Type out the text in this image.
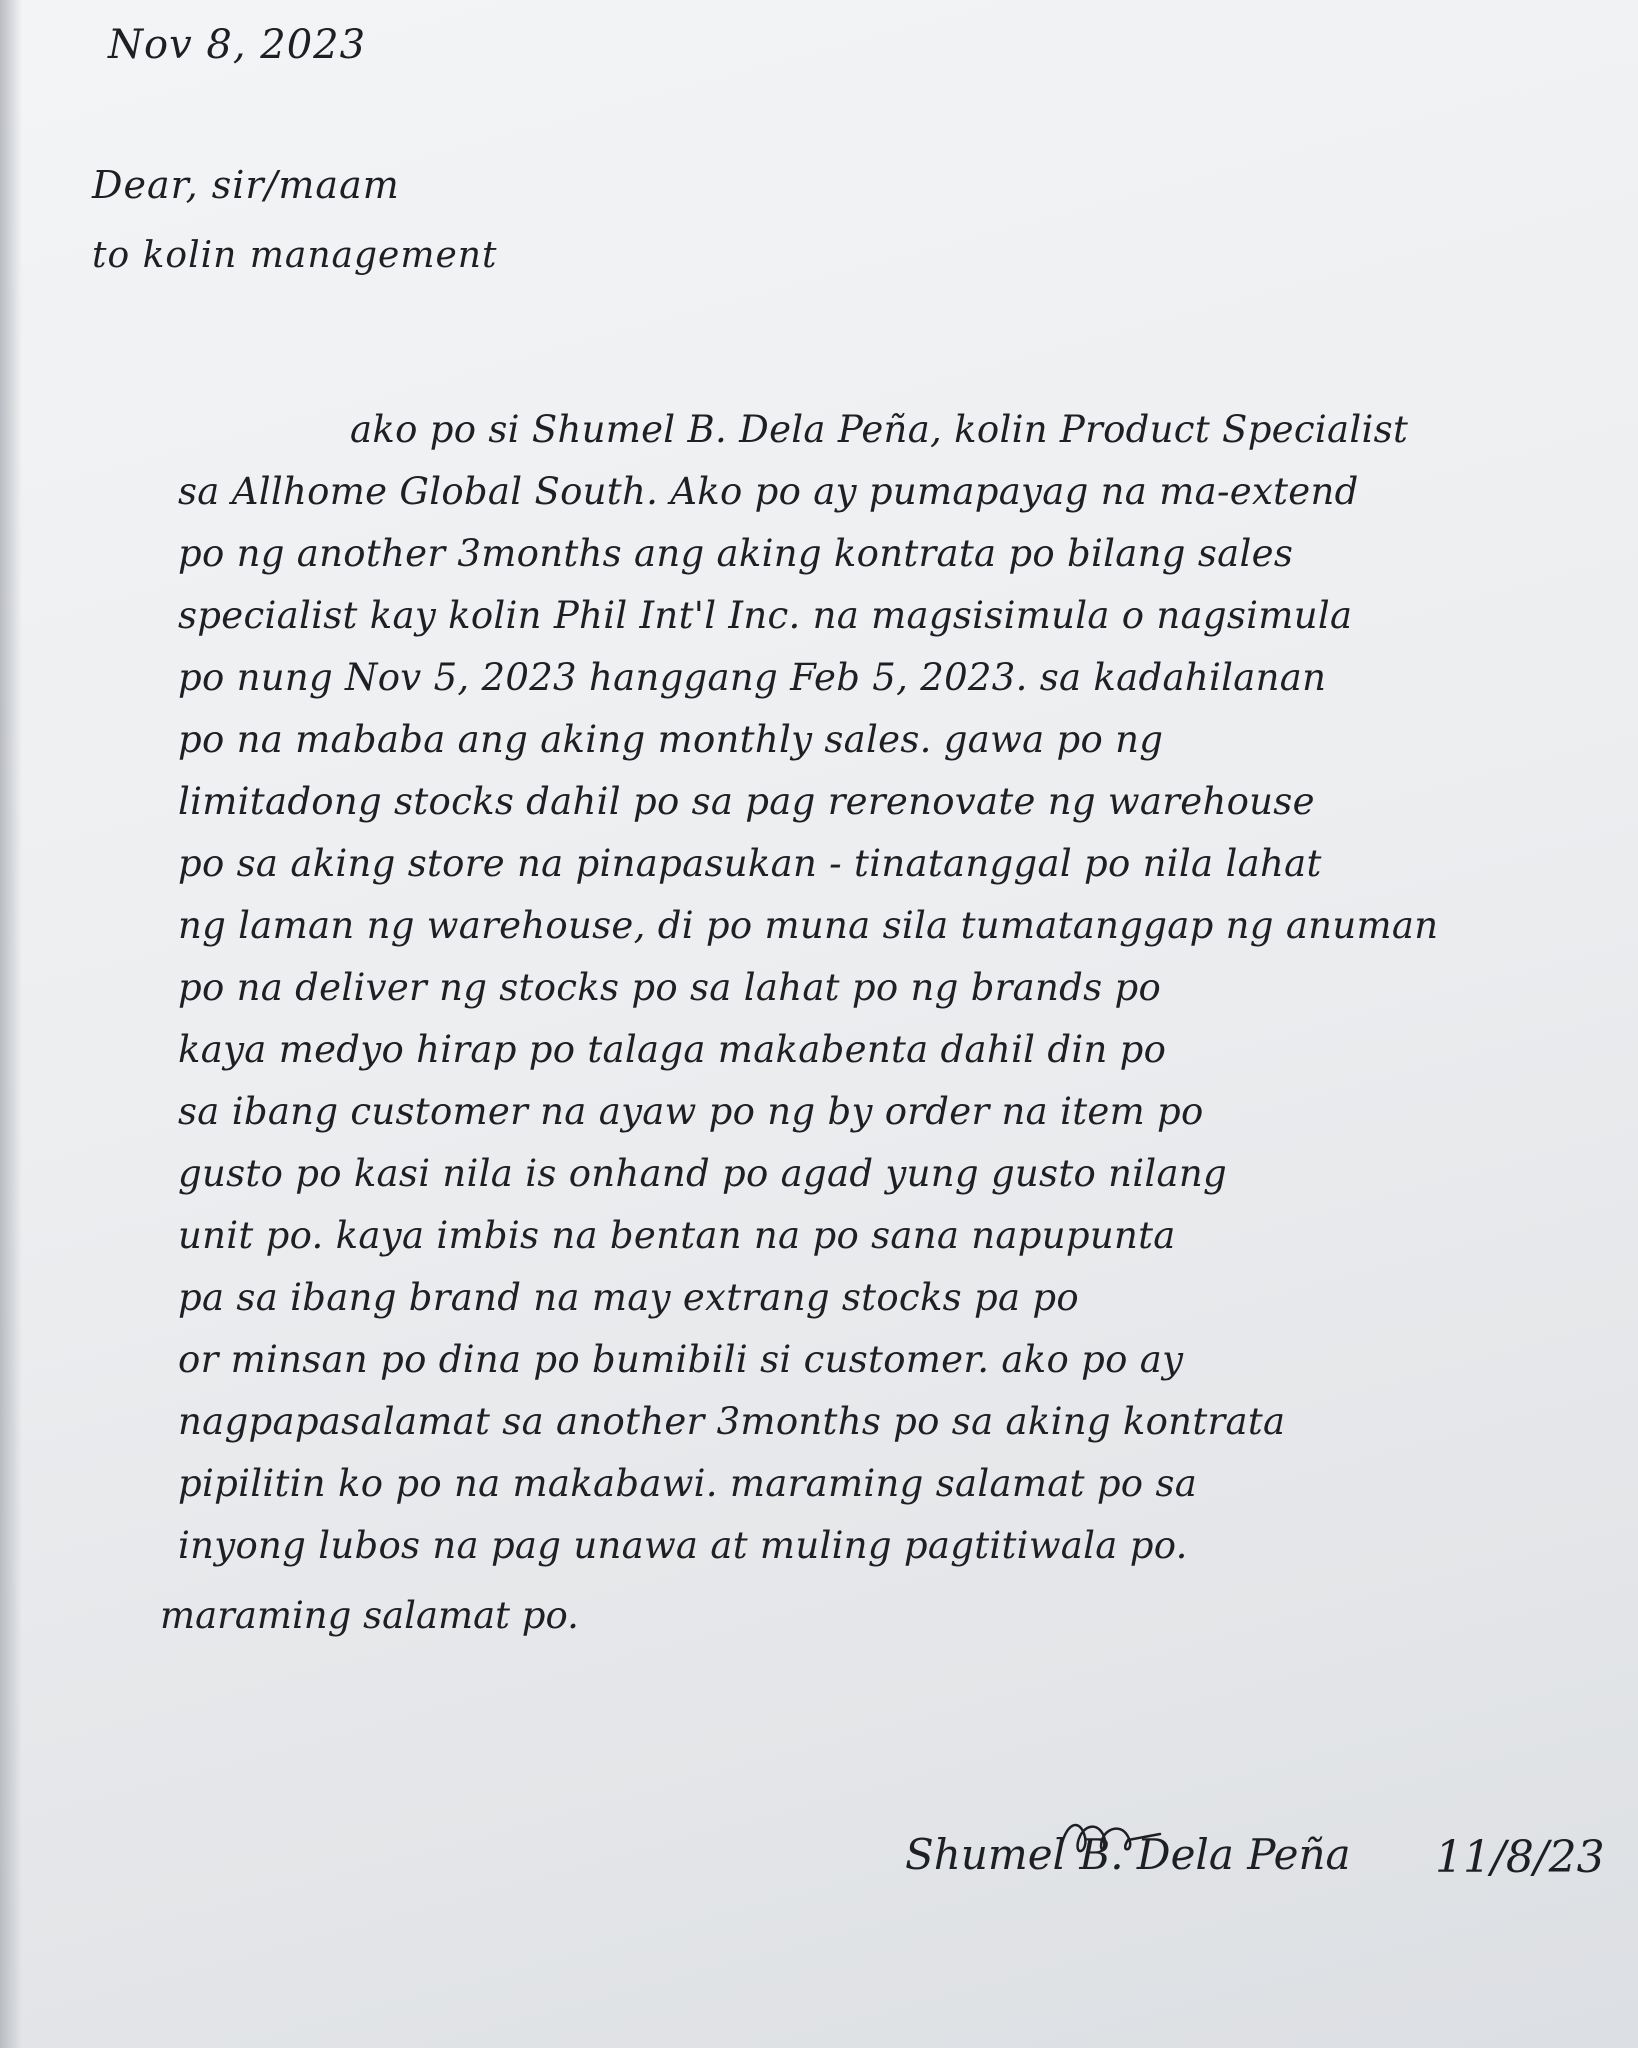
Nov 8, 2023
Dear, sir/maam
to kolin management
ako po si Shumel B. Dela Peña, kolin Product Specialist
sa Allhome Global South. Ako po ay pumapayag na ma-extend
po ng another 3months ang aking kontrata po bilang sales
specialist kay kolin Phil Int'l Inc. na magsisimula o nagsimula
po nung Nov 5, 2023 hanggang Feb 5, 2023. sa kadahilanan
po na mababa ang aking monthly sales. gawa po ng
limitadong stocks dahil po sa pag rerenovate ng warehouse
po sa aking store na pinapasukan - tinatanggal po nila lahat
ng laman ng warehouse, di po muna sila tumatanggap ng anuman
po na deliver ng stocks po sa lahat po ng brands po
kaya medyo hirap po talaga makabenta dahil din po
sa ibang customer na ayaw po ng by order na item po
gusto po kasi nila is onhand po agad yung gusto nilang
unit po. kaya imbis na bentan na po sana napupunta
pa sa ibang brand na may extrang stocks pa po
or minsan po dina po bumibili si customer. ako po ay
nagpapasalamat sa another 3months po sa aking kontrata
pipilitin ko po na makabawi. maraming salamat po sa
inyong lubos na pag unawa at muling pagtitiwala po.
maraming salamat po.
Shumel B. Dela Peña 11/8/23
